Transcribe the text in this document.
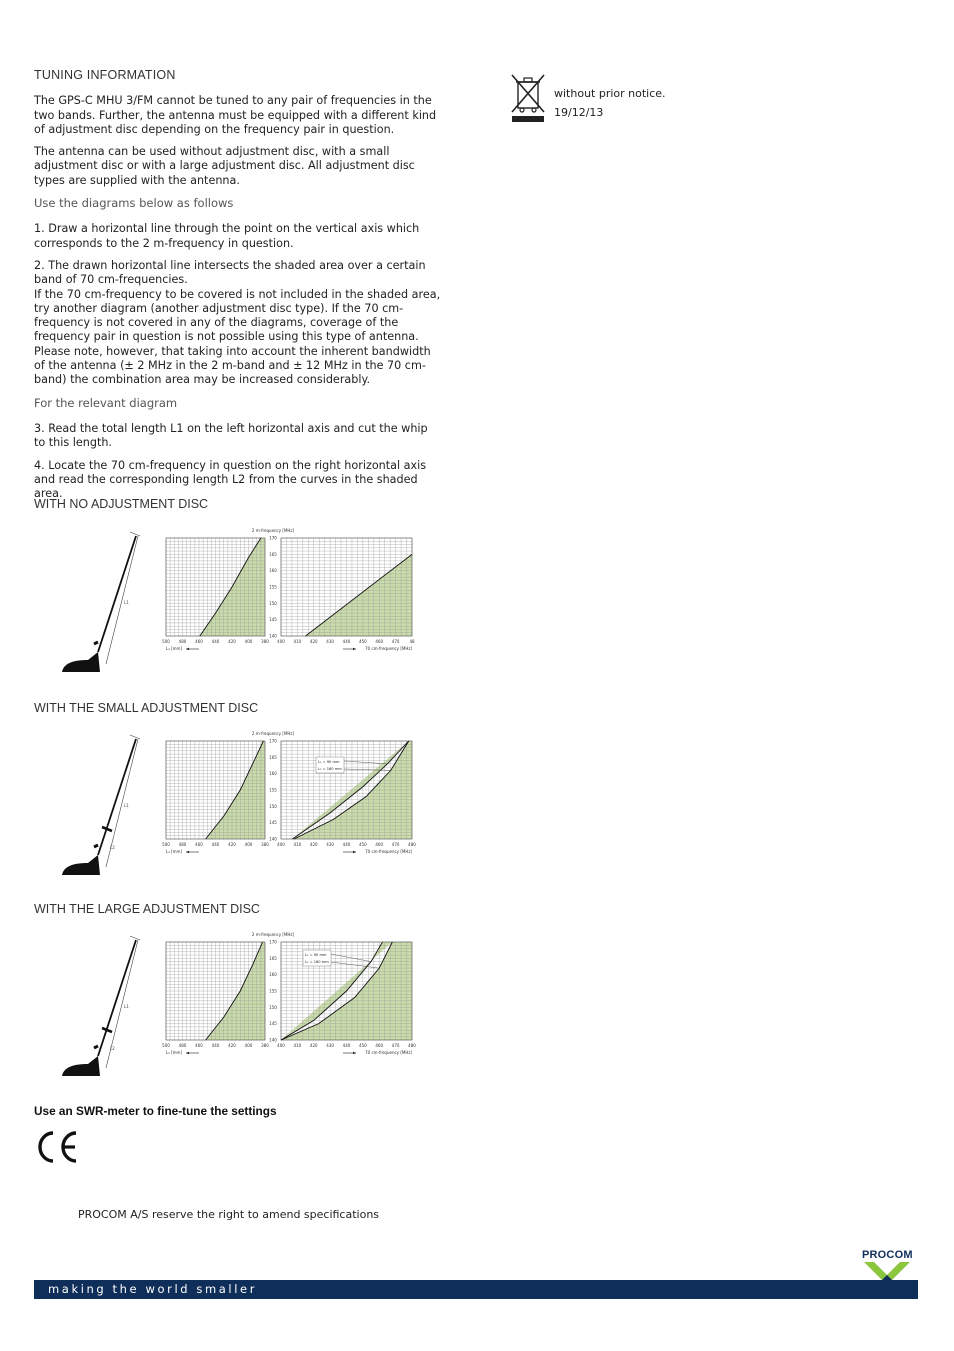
TUNING INFORMATION
The GPS-C MHU 3/FM cannot be tuned to any pair of frequencies in the two bands. Further, the antenna must be equipped with a different kind of adjustment disc depending on the frequency pair in question.
The antenna can be used without adjustment disc, with a small adjustment disc or with a large adjustment disc. All adjustment disc types are supplied with the antenna.
Use the diagrams below as follows
1. Draw a horizontal line through the point on the vertical axis which corresponds to the 2 m-frequency in question.
2. The drawn horizontal line intersects the shaded area over a certain band of 70 cm-frequencies.
If the 70 cm-frequency to be covered is not included in the shaded area, try another diagram (another adjustment disc type). If the 70 cm-frequency is not covered in any of the diagrams, coverage of the frequency pair in question is not possible using this type of antenna. Please note, however, that taking into account the inherent bandwidth of the antenna (± 2 MHz in the 2 m-band and ± 12 MHz in the 70 cm-band) the combination area may be increased considerably.
For the relevant diagram
3. Read the total length L1 on the left horizontal axis and cut the whip to this length.
4. Locate the 70 cm-frequency in question on the right horizontal axis and read the corresponding length L2 from the curves in the shaded area.
WITH NO ADJUSTMENT DISC
WITH THE SMALL ADJUSTMENT DISC
WITH THE LARGE ADJUSTMENT DISC
L1
140
145
150
155
160
165
170
2 m-frequency [MHz]
500 480 460 440 420 400 380 400 410 420 430 440 450 460 470	48
L₁ [mm]	70 cm-frequency [MHz]
L2
L1
140
145
150
155
160
165
170
2 m-frequency [MHz]
500 480 460 440 420 400 380 400 410 420 430 440 450 460 470 480
L₁ [mm]	70 cm-frequency [MHz]
L₂ = 90 mm
L₂ = 160 mm
L2
L1
140
145
150
155
160
165
170
2 m-frequency [MHz]
500 480 460 440 420 400 380 400 410 420 430 440 450 460 470 480
L₁ [mm]	70 cm-frequency [MHz]
L₂ = 90 mm
L₂ = 160 mm
Use an SWR-meter to fine-tune the settings
PROCOM A/S reserve the right to amend specifications
without prior notice.
19/12/13
PROCOM
making the world smaller
